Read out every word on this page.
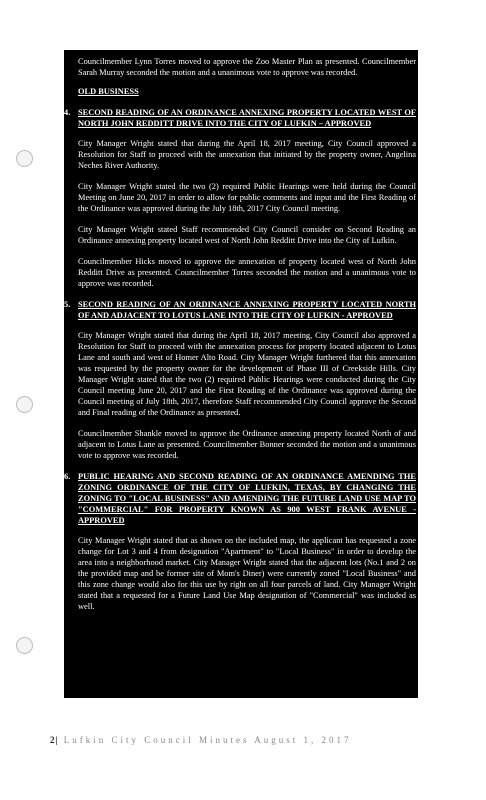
Councilmember Lynn Torres moved to approve the Zoo Master Plan as presented. Councilmember Sarah Murray seconded the motion and a unanimous vote to approve was recorded.

OLD BUSINESS
4. SECOND READING OF AN ORDINANCE ANNEXING PROPERTY LOCATED WEST OF NORTH JOHN REDDITT DRIVE INTO THE CITY OF LUFKIN – APPROVED

City Manager Wright stated that during the April 18, 2017 meeting, City Council approved a Resolution for Staff to proceed with the annexation that initiated by the property owner, Angelina Neches River Authority.

City Manager Wright stated the two (2) required Public Hearings were held during the Council Meeting on June 20, 2017 in order to allow for public comments and input and the First Reading of the Ordinance was approved during the July 18th, 2017 City Council meeting.

City Manager Wright stated Staff recommended City Council consider on Second Reading an Ordinance annexing property located west of North John Redditt Drive into the City of Lufkin.

Councilmember Hicks moved to approve the annexation of property located west of North John Redditt Drive as presented. Councilmember Torres seconded the motion and a unanimous vote to approve was recorded.

5. SECOND READING OF AN ORDINANCE ANNEXING PROPERTY LOCATED NORTH OF AND ADJACENT TO LOTUS LANE INTO THE CITY OF LUFKIN - APPROVED

City Manager Wright stated that during the April 18, 2017 meeting, City Council also approved a Resolution for Staff to proceed with the annexation process for property located adjacent to Lotus Lane and south and west of Homer Alto Road. City Manager Wright furthered that this annexation was requested by the property owner for the development of Phase III of Creekside Hills. City Manager Wright stated that the two (2) required Public Hearings were conducted during the City Council meeting June 20, 2017 and the First Reading of the Ordinance was approved during the Council meeting of July 18th, 2017, therefore Staff recommended City Council approve the Second and Final reading of the Ordinance as presented.

Councilmember Shankle moved to approve the Ordinance annexing property located North of and adjacent to Lotus Lane as presented. Councilmember Bonner seconded the motion and a unanimous vote to approve was recorded.

6. PUBLIC HEARING AND SECOND READING OF AN ORDINANCE AMENDING THE ZONING ORDINANCE OF THE CITY OF LUFKIN, TEXAS, BY CHANGING THE ZONING TO "LOCAL BUSINESS" AND AMENDING THE FUTURE LAND USE MAP TO "COMMERCIAL" FOR PROPERTY KNOWN AS 900 WEST FRANK AVENUE - APPROVED

City Manager Wright stated that as shown on the included map, the applicant has requested a zone change for Lot 3 and 4 from designation "Apartment" to "Local Business" in order to develop the area into a neighborhood market. City Manager Wright stated that the adjacent lots (No.1 and 2 on the provided map and be former site of Mom's Diner) were currently zoned "Local Business" and this zone change would also for this use by right on all four parcels of land. City Manager Wright stated that a requested for a Future Land Use Map designation of "Commercial" was included as well.

2| Lufkin City Council Minutes August 1, 2017
